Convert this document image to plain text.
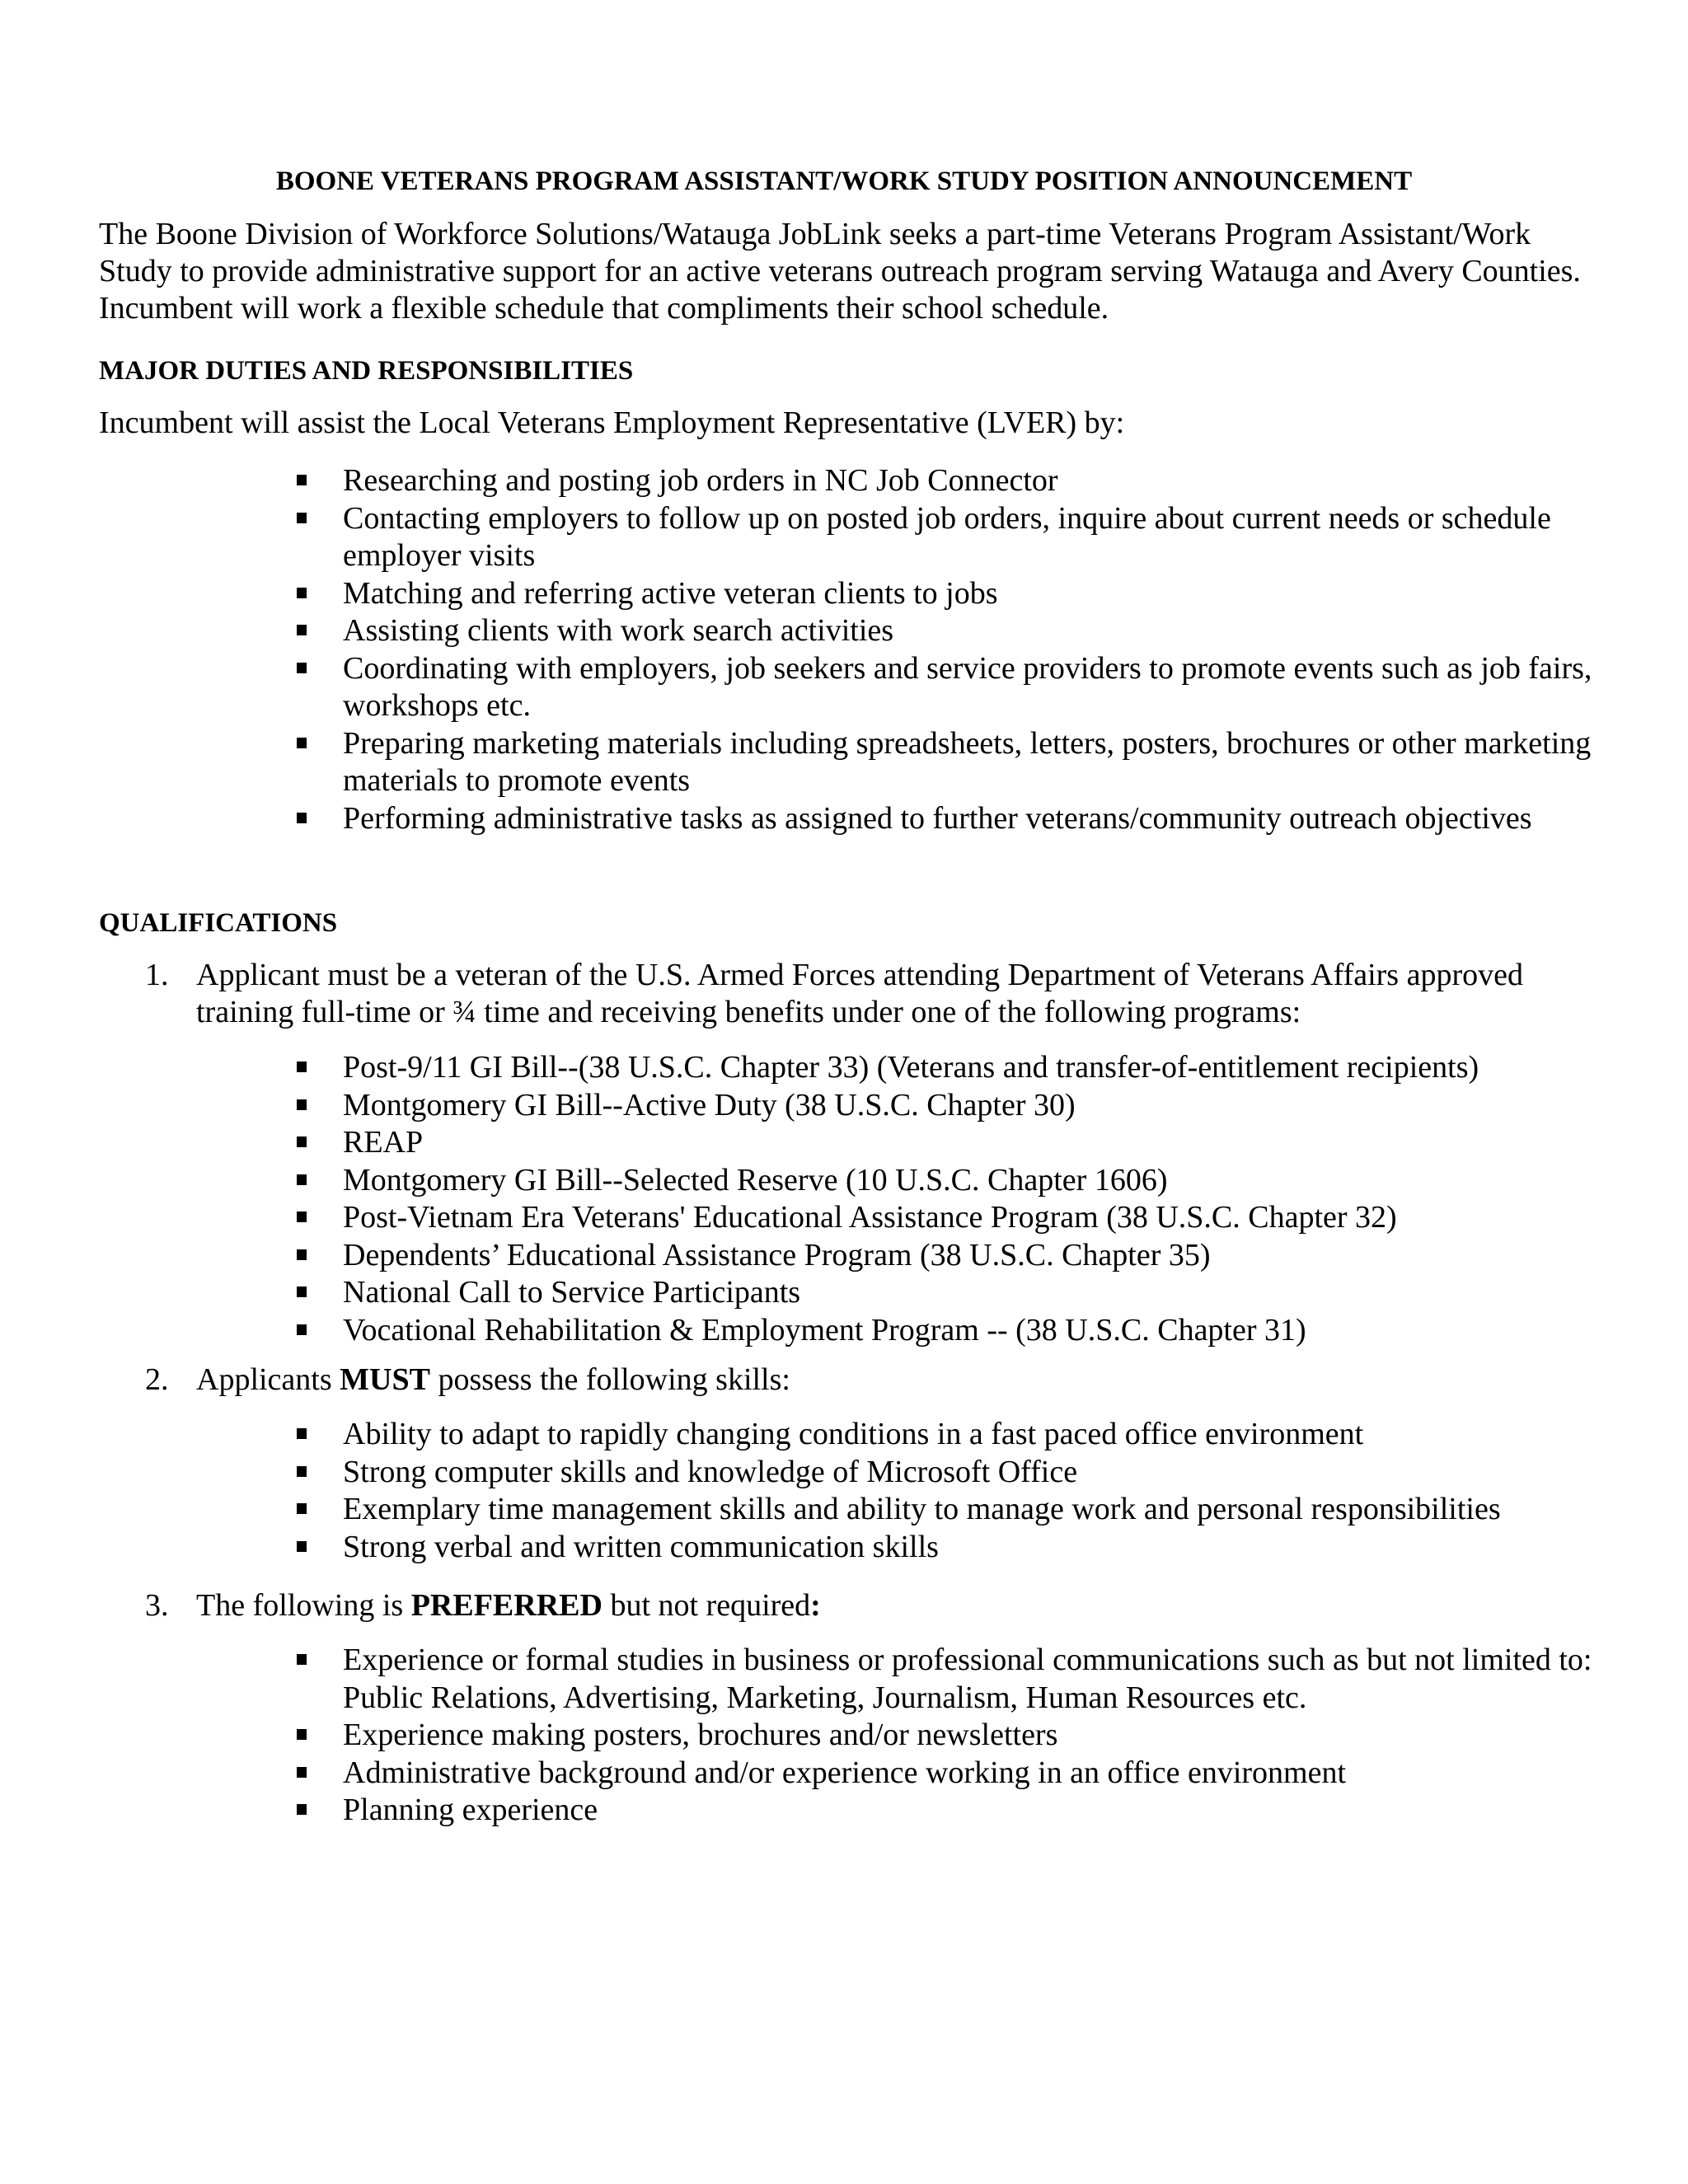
BOONE VETERANS PROGRAM ASSISTANT/WORK STUDY POSITION ANNOUNCEMENT

The Boone Division of Workforce Solutions/Watauga JobLink seeks a part-time Veterans Program Assistant/Work Study to provide administrative support for an active veterans outreach program serving Watauga and Avery Counties. Incumbent will work a flexible schedule that compliments their school schedule.

MAJOR DUTIES AND RESPONSIBILITIES

Incumbent will assist the Local Veterans Employment Representative (LVER) by:

Researching and posting job orders in NC Job Connector
Contacting employers to follow up on posted job orders, inquire about current needs or schedule employer visits
Matching and referring active veteran clients to jobs
Assisting clients with work search activities
Coordinating with employers, job seekers and service providers to promote events such as job fairs, workshops etc.
Preparing marketing materials including spreadsheets, letters, posters, brochures or other marketing materials to promote events
Performing administrative tasks as assigned to further veterans/community outreach objectives
QUALIFICATIONS
1. Applicant must be a veteran of the U.S. Armed Forces attending Department of Veterans Affairs approved training full-time or ¾ time and receiving benefits under one of the following programs:
Post-9/11 GI Bill--(38 U.S.C. Chapter 33) (Veterans and transfer-of-entitlement recipients)
Montgomery GI Bill--Active Duty (38 U.S.C. Chapter 30)
REAP
Montgomery GI Bill--Selected Reserve (10 U.S.C. Chapter 1606)
Post-Vietnam Era Veterans' Educational Assistance Program (38 U.S.C. Chapter 32)
Dependents’ Educational Assistance Program (38 U.S.C. Chapter 35)
National Call to Service Participants
Vocational Rehabilitation & Employment Program -- (38 U.S.C. Chapter 31)
2. Applicants MUST possess the following skills:
Ability to adapt to rapidly changing conditions in a fast paced office environment
Strong computer skills and knowledge of Microsoft Office
Exemplary time management skills and ability to manage work and personal responsibilities
Strong verbal and written communication skills
3. The following is PREFERRED but not required:
Experience or formal studies in business or professional communications such as but not limited to: Public Relations, Advertising, Marketing, Journalism, Human Resources etc.
Experience making posters, brochures and/or newsletters
Administrative background and/or experience working in an office environment
Planning experience
